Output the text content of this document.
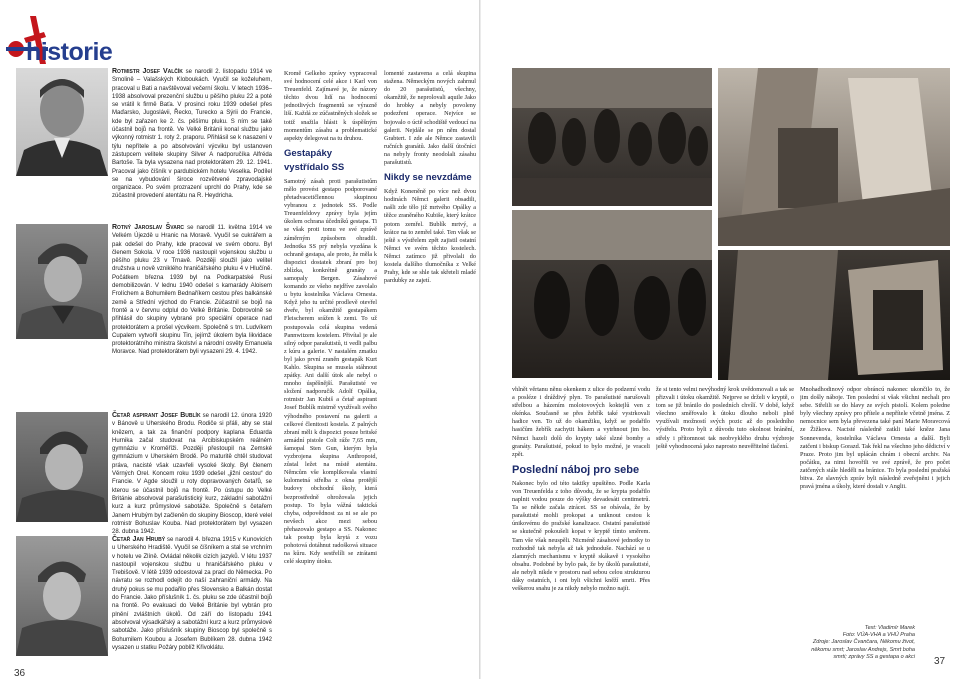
historie
Rotmistr Josef Valčík se narodil 2. listopadu 1914 ve Smolině – Valašských Kloboukách. Vyučil se koželuhem, pracoval u Bati a navštěvoval večerní školu. V letech 1936–1938 absolvoval prezenční službu u pěšího pluku 22 a poté se vrátil k firmě Baťa. V prosinci roku 1939 odešel přes Maďarsko, Jugoslávii, Řecko, Turecko a Sýrii do Francie, kde byl zařazen ke 2. čs. pěšímu pluku. S ním se také účastnil bojů na frontě. Ve Velké Británii konal službu jako výkonný rotmistr 1. roty 2. praporu. Přihlásil se k nasazení v týlu nepřítele a po absolvování výcviku byl ustanoven zástupcem velitele skupiny Silver A nadporučíka Alfréda Bartoše. Ta byla vysazena nad protektorátem 29. 12. 1941. Pracoval jako číšník v pardubickém hotelu Veselka. Podílel se na vybudování široce rozvětvené zpravodajské organizace. Po svém prozrazení uprchl do Prahy, kde se zúčastnil provedení atentátu na R. Heydricha.
Rotný Jaroslav Švarc se narodil 11. května 1914 ve Velkém Újezdě u Hranic na Moravě. Vyučil se cukrářem a pak odešel do Prahy, kde pracoval ve svém oboru. Byl členem Sokola. V roce 1936 nastoupil vojenskou službu u pěšího pluku 23 v Trnavě. Později sloužil jako velitel družstva u nově vzniklého hraničářského pluku 4 v Hlučíně. Počátkem března 1939 byl na Podkarpatské Rusi demobilizován. V lednu 1940 odešel s kamarády Aloisem Frolíchem a Bohumilem Bednaříkem cestou přes balkánské země a Střední východ do Francie. Zúčastnil se bojů na frontě a v červnu odplul do Velké Británie. Dobrovolně se přihlásil do skupiny vybrané pro speciální operace nad protektorátem a prošel výcvikem. Společně s trn. Ludvíkem Cupalem vytvořil skupinu Tin, jejímž úkolem byla likvidace protektorátního ministra školství a národní osvěty Emanuela Moravce. Nad protektorátem byli vysazeni 29. 4. 1942.
Četař aspirant Josef Bublík se narodil 12. února 1920 v Bánově u Uherského Brodu. Rodiče si přáli, aby se stal knězem, a tak za finanční podpory kaplana Eduarda Hurnika začal studovat na Arcibiskupském reálném gymnáziu v Kroměříži. Později přestoupil na Zemské gymnázium v Uherském Brodě. Po maturitě chtěl studovat práva, nacisté však uzavřeli vysoké školy. Byl členem Věrných Orel. Koncem roku 1939 odešel „jižní cestou“ do Francie. V Agde sloužil u roty dopravovaných četařů, se kterou se účastnil bojů na frontě. Po ústupu do Velké Británie absolvoval parašutistický kurz, základní sabotážní kurz a kurz průmyslové sabotáže. Společně s četařem Janem Hrubým byl začleněn do skupiny Bioscop, které velel rotmistr Bohuslav Kouba. Nad protektorátem byl vysazen 28. dubna 1942.
Četař Jan Hrubý se narodil 4. března 1915 v Kunovicích u Uherského Hradiště. Vyučil se číšníkem a stal se vrchním v hotelu ve Zlíně. Ovládal několik cizích jazyků. V létu 1937 nastoupil vojenskou službu u hraničářského pluku v Trebišově. V létě 1939 odcestoval za prací do Německa. Po návratu se rozhodl odejít do naší zahraniční armády. Na druhý pokus se mu podařilo přes Slovensko a Balkán dostat do Francie. Jako příslušník 1. čs. pluku se zde účastnil bojů na frontě. Po evakuaci do Velké Británie byl vybrán pro plnění zvláštních úkolů. Od září do listopadu 1941 absolvoval výsadkářský a sabotážní kurz a kurz průmyslové sabotáže. Jako příslušník skupiny Bioscop byl společně s Bohumilem Koubou a Josefem Bublíkem 28. dubna 1942 vysazen u statku Požáry poblíž Křivoklátu.
36

Kromě Gelkeho zprávy vypracoval své hodnocení celé akce i Karl von Treuenfeld. Zajímavé je, že názory těchto dvou lidí na hodnocení jednotlivých fragmentů se výrazně liší. Každá ze zúčastněných složek se totiž snažila hlásit k úspěšným momentům zásahu a problematické aspekty delegovat na tu druhou.

Gestapáky vystřídalo SS

Samotný zásah proti parašutistům mělo provést gestapo podporované přetadvacetičlennou skupinou vybranou z jednotek SS. Podle Treuenfeldovy zprávy byla jejím úkolem ochrana účedníků gestapa. Ti se však proti tomu ve své zprávě záměrným způsobem ohradili. Jednotka SS prý nebyla vyzdána k ochraně gestapa, ale proto, že měla k dispozici dostatek zbraní pro boj zblízka, konkrétně granáty a samopaly Bergen. Zásahové komando ze všeho nejdříve zavolalo u bytu kostelníka Václava Ornesta. Když jeho tu určité prodlevě otevřel dveře, byl okamžitě gestapákem Fleischerem srážen k zemi. To už postupovala celá skupina vedená Pannwitzem kostelem. Přivítal je ale silný odpor parašutistů, ti vedli palbu z kúru a galerie. V nastalém zmatku byl jako první zraněn gestapák Kurt Kahlo. Skupina se musela stáhnout zpátky. Ani další útok ale nebyl o mnoho úspěšnější. Parašutisté ve složení nadporučík Adolf Opálka, rotmistr Jan Kubiš a četař aspirant Josef Bublík mistrně využívali svého výhodného postavení na galerii a celkové členitosti kostela. Z palných zbraní měli k dispozici pouze britské armádní pistole Colt ráže 7,65 mm, šamopal Sten Gun, kterým byla vyzbrojena skupina Anthropoid, zůstal ležet na místě atentátu. Němcům vše komplikovala vlastní kulometná střelba z okna protější budovy obchodní školy, která bezprostředně ohrožovala jejich postup. To byla vážná taktická chyba, odpovědnost za ni se ale po nevšech akce mezi sebou přehazovalo gestapo a SS. Nakonec tak postup byla krytá z vozu pohotová dotáhnut radošková situace na kůru. Kdy sestřelíli se ztrátami celé skupiny útoku.

lomenté zastavena a celá skupina stažena. Německým nových zahrnul do 20 parašutistů, všechny, okamžitě, že neprolovali aquile Jako do hrobky a nebyly povoleny podezřeni operace. Nejvíce se bojovalo o úctě schodiště vedoucí na galerii. Nejdále se pn něm dostal Grabtert. I zde ale Němce zastavili ručních granátů. Jako další útočníci na nebyly fronty neodolali zásahu parašutistů.

Nikdy se nevzdáme

Když Koneněně po více než dvou hodinách Němci galerii obsadili, našli zde tělo již mrtvého Opálky a těžce zraněného Kubiše, který krátce potom zemřel. Bublík mrtvý, a krátce na to zemřel také. Ten však se ještě s výstřelem zpět zajistil ostatní Němci ve svém těchto kostelech. Němci zatímco již přivolali do kostela dalšího tlumočníka z Velké Prahy, kde se shle tak skřeteli mladé pardubky ze zajetí.

vhlnět věrtanu něnu okenkem z ulice do podzemí vodu a posléze i dráždivý plyn. To parašutisté narušovali střelbou a házením molotovových koktejlů ven z okénka. Současně se přes žebřík také vystrkovali hadice ven. To už do okamžiku, když se podařilo hasičům žebřík zachytit hákem a vytrhnout jim bo. Němci hazeli dolů do krypty také slzné bomby a granáty. Parašutisté, pokud to bylo možné, je vraceli zpět.

Poslední náboj pro sebe

Nakonec bylo od této taktiky upuštěno. Podle Karla von Treuenfelda z toho důvodu, že se krypta podařilo naplnit vodou pouze do výšky devadesáti centimetrů. Ta se někde začala ztrácet. SS se obávala, že by parašutisté mohli prokopat a uniknout cestou k únikovému do pražské kanalizace. Ostatní parašutisté se skutečně pokoušeli kopat v kryptě tímto směrem. Tam vše však neuspěli. Nicméně zásahové jednotky to rozhodně tak nebyla až tak jednoduše. Nachází se u zlamných mechanismu v kryptě skákavě i vysokého obsahu. Podobné by bylo pak, že by úkolů parašutisté, ale nebyli nikde v prostoru nad sebou celou strukturou dáky ostatních, i oni byli všichni kněží smrti. Přes veškerou snahu je za nikdy nebylo možno najít.

že si tento velmi nevýhodný krok uvědomovali a tak se přizvali i útoku okamžitě. Nejprve se drželi v kryptě, o tom se již bránilo do posledních chvílí. V době, když všechno směřovalo k útoku dlouho neboli plně využívali možností svých pozic až do posledního výstřelu. Proto byli z důvodu tuto okolnost bránění, střely i přítomnost tak neobvyklého druhu výzbroje ještě vyhodnocená jako naprosto neuvěřitelné tlačení.

Mnohadhodinový odpor obráncú nakonec ukončilo to, že jim došly náboje. Ten poslední si však všichni nechali pro sebe. Střelili se do hlavy ze svých pistolí. Kolem poledne byly všechny zprávy pro přítele a nepřítele včetně jména. Z nemocnice sem byla převezena také paní Marie Moravcová ze Žižkova. Nacisté následně zatkli také kněze Jana Sonnevenda, kostelníka Václava Ornesta a další. Byli zatčeni i biskup Gorazd. Tak řekl na všechno jeho dědictví v Praze. Proto jim byl uplácán chrám i obecní archiv. Na počátku, za nimi hovořili ve své zprávě, že pro počet zatčených stále hleděli na bránice. To byla poslední pražská bitva. Ze slavných zpráv byli následně zveřejněni i jejich pravá jména a úkoly, které dostali v Anglii.

Text: Vladimír Marek
Foto: VÚA-VHA a VHÚ Praha
Zdroje: Jaroslav Čvančara, Někomu život, někomu smrt; Jaroslav Andrejs, Smrt boha smrti; zprávy SS a gestapa o akci 37
